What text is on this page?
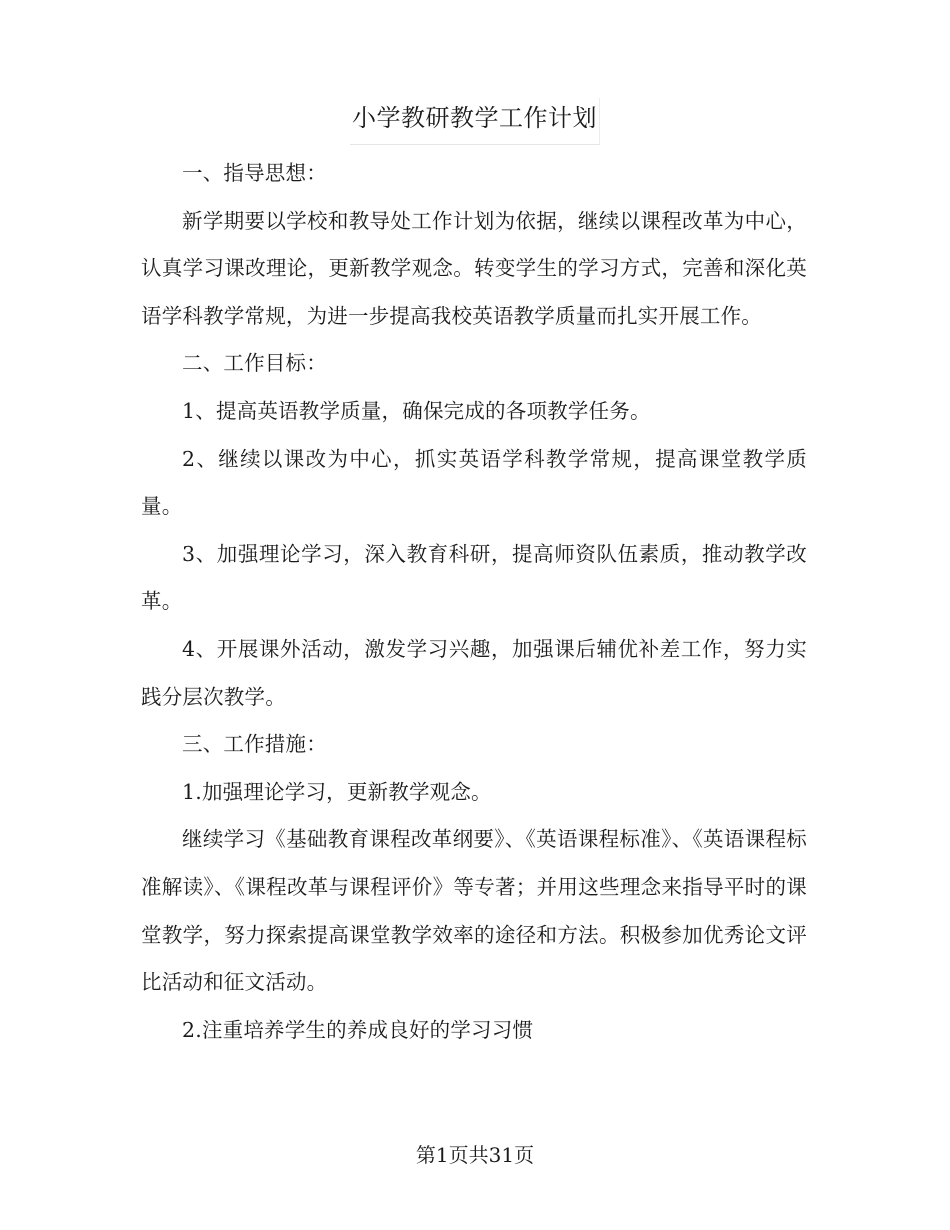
小学教研教学工作计划

一、指导思想：

新学期要以学校和教导处工作计划为依据，继续以课程改革为中心，认真学习课改理论，更新教学观念。转变学生的学习方式，完善和深化英语学科教学常规，为进一步提高我校英语教学质量而扎实开展工作。

二、工作目标：

1、提高英语教学质量，确保完成的各项教学任务。

2、继续以课改为中心，抓实英语学科教学常规，提高课堂教学质量。

3、加强理论学习，深入教育科研，提高师资队伍素质，推动教学改革。

4、开展课外活动，激发学习兴趣，加强课后辅优补差工作，努力实践分层次教学。

三、工作措施：

1.加强理论学习，更新教学观念。

继续学习《基础教育课程改革纲要》、《英语课程标准》、《英语课程标准解读》、《课程改革与课程评价》等专著；并用这些理念来指导平时的课堂教学，努力探索提高课堂教学效率的途径和方法。积极参加优秀论文评比活动和征文活动。

2.注重培养学生的养成良好的学习习惯

第1页共31页
